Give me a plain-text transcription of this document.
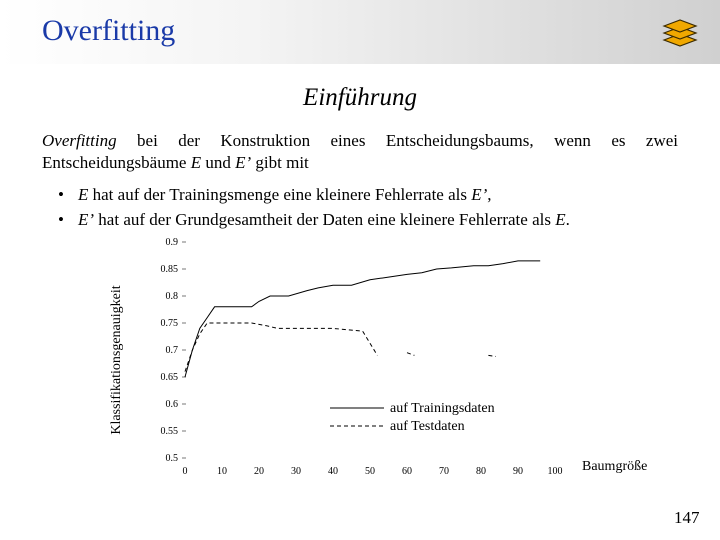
Overfitting
Einführung
Overfitting bei der Konstruktion eines Entscheidungsbaums, wenn es zwei Entscheidungsbäume E und E’ gibt mit
• E hat auf der Trainingsmenge eine kleinere Fehlerrate als E’,
• E’ hat auf der Grundgesamtheit der Daten eine kleinere Fehlerrate als E.
Klassifikationsgenauigkeit
Baumgröße
0.9
0.85
0.8
0.75
0.7
0.65
0.6
0.55
0.5
0	10	20	30	40	50	60	70	80	90 100
auf Trainingsdaten
auf Testdaten
147
